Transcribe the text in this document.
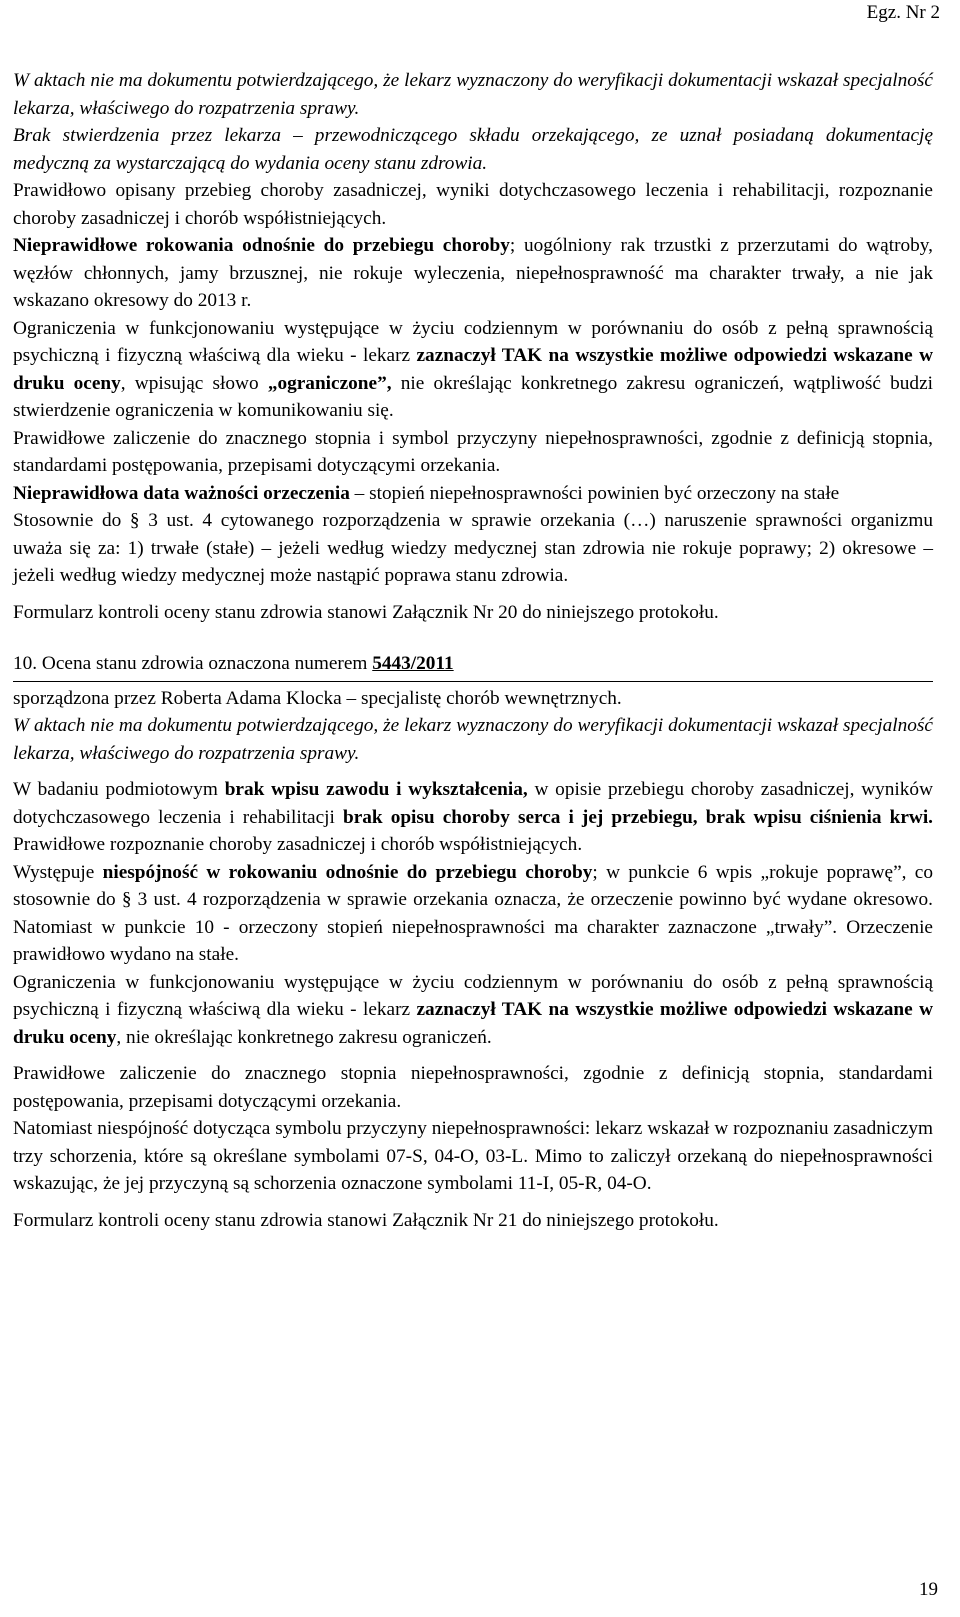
Egz. Nr 2

W aktach nie ma dokumentu potwierdzającego, że lekarz wyznaczony do weryfikacji dokumentacji wskazał specjalność lekarza, właściwego do rozpatrzenia sprawy.

Brak stwierdzenia przez lekarza – przewodniczącego składu orzekającego, ze uznał posiadaną dokumentację medyczną za wystarczającą do wydania oceny stanu zdrowia.

Prawidłowo opisany przebieg choroby zasadniczej, wyniki dotychczasowego leczenia i rehabilitacji, rozpoznanie choroby zasadniczej i chorób współistniejących.

Nieprawidłowe rokowania odnośnie do przebiegu choroby; uogólniony rak trzustki z przerzutami do wątroby, węzłów chłonnych, jamy brzusznej, nie rokuje wyleczenia, niepełnosprawność ma charakter trwały, a nie jak wskazano okresowy do 2013 r.

Ograniczenia w funkcjonowaniu występujące w życiu codziennym w porównaniu do osób z pełną sprawnością psychiczną i fizyczną właściwą dla wieku - lekarz zaznaczył TAK na wszystkie możliwe odpowiedzi wskazane w druku oceny, wpisując słowo „ograniczone”, nie określając konkretnego zakresu ograniczeń, wątpliwość budzi stwierdzenie ograniczenia w komunikowaniu się.

Prawidłowe zaliczenie do znacznego stopnia i symbol przyczyny niepełnosprawności, zgodnie z definicją stopnia, standardami postępowania, przepisami dotyczącymi orzekania.

Nieprawidłowa data ważności orzeczenia – stopień niepełnosprawności powinien być orzeczony na stałe

Stosownie do § 3 ust. 4 cytowanego rozporządzenia w sprawie orzekania (…) naruszenie sprawności organizmu uważa się za: 1) trwałe (stałe) – jeżeli według wiedzy medycznej stan zdrowia nie rokuje poprawy; 2) okresowe – jeżeli według wiedzy medycznej może nastąpić poprawa stanu zdrowia.

Formularz kontroli oceny stanu zdrowia stanowi Załącznik Nr 20 do niniejszego protokołu.

10. Ocena stanu zdrowia oznaczona numerem 5443/2011

sporządzona przez Roberta Adama Klocka – specjalistę chorób wewnętrznych.

W aktach nie ma dokumentu potwierdzającego, że lekarz wyznaczony do weryfikacji dokumentacji wskazał specjalność lekarza, właściwego do rozpatrzenia sprawy.

W badaniu podmiotowym brak wpisu zawodu i wykształcenia, w opisie przebiegu choroby zasadniczej, wyników dotychczasowego leczenia i rehabilitacji brak opisu choroby serca i jej przebiegu, brak wpisu ciśnienia krwi. Prawidłowe rozpoznanie choroby zasadniczej i chorób współistniejących.

Występuje niespójność w rokowaniu odnośnie do przebiegu choroby; w punkcie 6 wpis „rokuje poprawę”, co stosownie do § 3 ust. 4 rozporządzenia w sprawie orzekania oznacza, że orzeczenie powinno być wydane okresowo. Natomiast w punkcie 10 - orzeczony stopień niepełnosprawności ma charakter zaznaczone „trwały”. Orzeczenie prawidłowo wydano na stałe.

Ograniczenia w funkcjonowaniu występujące w życiu codziennym w porównaniu do osób z pełną sprawnością psychiczną i fizyczną właściwą dla wieku - lekarz zaznaczył TAK na wszystkie możliwe odpowiedzi wskazane w druku oceny, nie określając konkretnego zakresu ograniczeń.

Prawidłowe zaliczenie do znacznego stopnia niepełnosprawności, zgodnie z definicją stopnia, standardami postępowania, przepisami dotyczącymi orzekania.

Natomiast niespójność dotycząca symbolu przyczyny niepełnosprawności: lekarz wskazał w rozpoznaniu zasadniczym trzy schorzenia, które są określane symbolami 07-S, 04-O, 03-L. Mimo to zaliczył orzekaną do niepełnosprawności wskazując, że jej przyczyną są schorzenia oznaczone symbolami 11-I, 05-R, 04-O.

Formularz kontroli oceny stanu zdrowia stanowi Załącznik Nr 21 do niniejszego protokołu.

19
